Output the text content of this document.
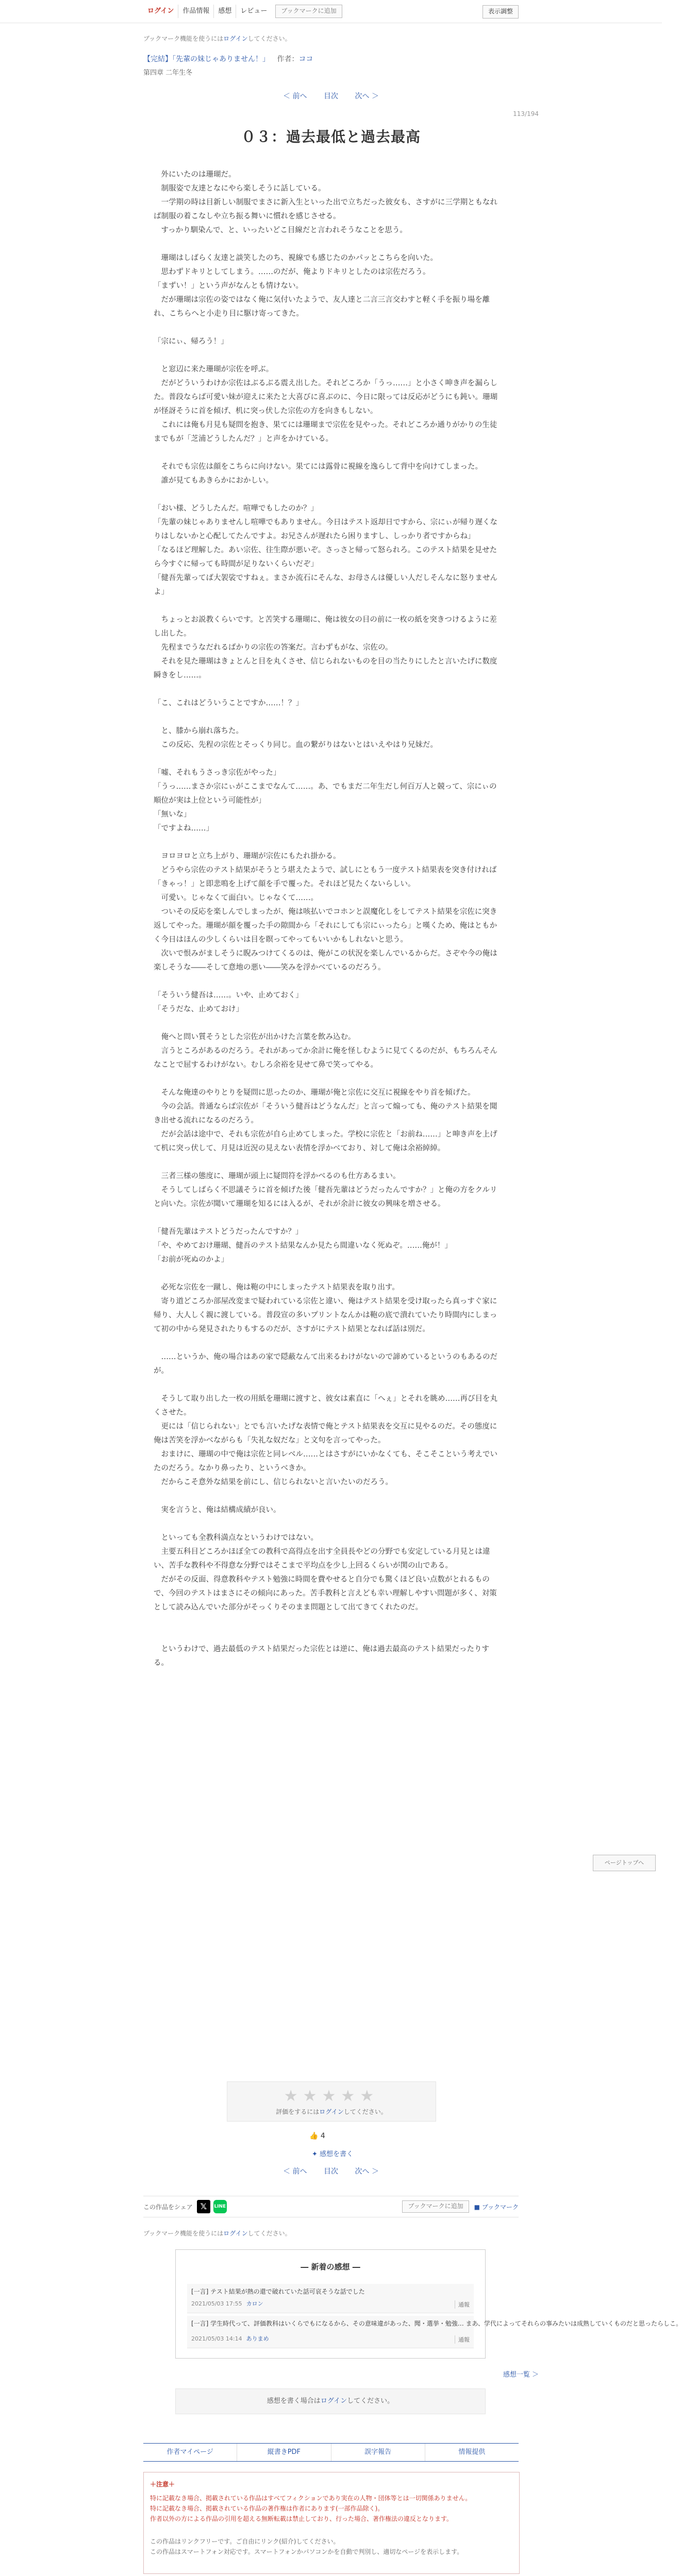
ログイン	作品情報	感想	レビュー	ブックマークに追加	表示調整
ブックマーク機能を使うにはログインしてください。
【完結】「先輩の妹じゃありません！」 作者：ココ
第四章 二年生冬
＜ 前へ 目次 次へ ＞
113/194
０３：過去最低と過去最高

　外にいたのは珊瑚だ。

　制服姿で友達となにやら楽しそうに話している。

　一学期の時は目新しい制服でまさに新入生といった出で立ちだった彼女も、さすがに三学期ともなれば制服の着こなしや立ち振る舞いに慣れを感じさせる。

　すっかり馴染んで、と、いったいどこ目線だと言われそうなことを思う。

　珊瑚はしばらく友達と談笑したのち、視線でも感じたのかパッとこちらを向いた。

　思わずドキリとしてしまう。……のだが、俺よりドキリとしたのは宗佐だろう。

「まずい！」という声がなんとも情けない。

　だが珊瑚は宗佐の姿ではなく俺に気付いたようで、友人達と二言三言交わすと軽く手を振り場を離れ、こちらへと小走り目に駆け寄ってきた。

「宗にぃ、帰ろう！」

　と窓辺に来た珊瑚が宗佐を呼ぶ。

　だがどういうわけか宗佐はぶるぶる震え出した。それどころか「うっ……」と小さく呻き声を漏らした。普段ならば可愛い妹が迎えに来たと大喜びに喜ぶのに、今日に限っては反応がどうにも鈍い。珊瑚が怪訝そうに首を傾げ、机に突っ伏した宗佐の方を向きもしない。

　これには俺も月見も疑問を抱き、果てには珊瑚まで宗佐を見やった。それどころか通りがかりの生徒までもが「芝浦どうしたんだ？」と声をかけている。

　それでも宗佐は顔をこちらに向けない。果てには露骨に視線を逸らして背中を向けてしまった。

　誰が見てもあきらかにおかしい。

「おい様、どうしたんだ。喧嘩でもしたのか？」

「先輩の妹じゃありませんし喧嘩でもありません。今日はテスト返却日ですから、宗にぃが帰り遅くなりはしないかと心配してたんですよ。お兄さんが遅れたら困りますし、しっかり者ですからね」

「なるほど理解した。あい宗佐、往生際が悪いぞ。さっさと帰って怒られろ。このテスト結果を見せたら今すぐに帰っても時間が足りないくらいだぞ」

「健吾先輩ってば大袈裟ですねぇ。まさか流石にそんな、お母さんは優しい人だしそんなに怒りませんよ」

　ちょっとお説教くらいです。と苦笑する珊瑚に、俺は彼女の目の前に一枚の紙を突きつけるように差し出した。

　先程までうなだれるばかりの宗佐の答案だ。言わずもがな、宗佐の。

　それを見た珊瑚はきょとんと目を丸くさせ、信じられないものを目の当たりにしたと言いたげに数度瞬きをし……。

「こ、これはどういうことですか……！？」

　と、膝から崩れ落ちた。

　この反応、先程の宗佐とそっくり同じ。血の繋がりはないとはいえやはり兄妹だ。

「嘘、それもうさっき宗佐がやった」

「うっ……まさか宗にぃがここまでなんて……。あ、でもまだ二年生だし何百万人と競って、宗にぃの順位が実は上位という可能性が」

「無いな」

「ですよね……」

　ヨロヨロと立ち上がり、珊瑚が宗佐にもたれ掛かる。

　どうやら宗佐のテスト結果がそうとう堪えたようで、試しにともう一度テスト結果表を突き付ければ「きゃっ！」と即悲鳴を上げて顔を手で覆った。それほど見たくないらしい。

　可愛い。じゃなくて面白い。じゃなくて……。

　ついその反応を楽しんでしまったが、俺は咳払いでコホンと誤魔化しをしてテスト結果を宗佐に突き返してやった。珊瑚が顔を覆った手の隙間から「それにしても宗にぃったら」と嘆くため、俺はともかく今日はほんの少しくらいは目を瞑ってやってもいいかもしれないと思う。

　次いで恨みがましそうに睨みつけてくるのは、俺がこの状況を楽しんでいるからだ。さぞや今の俺は楽しそうな――そして意地の悪い――笑みを浮かべているのだろう。

「そういう健吾は……。いや、止めておく」

「そうだな、止めておけ」

　俺へと問い質そうとした宗佐が出かけた言葉を飲み込む。

　言うところがあるのだろう。それがあってか余計に俺を怪しむように見てくるのだが、もちろんそんなことで屈するわけがない。むしろ余裕を見せて鼻で笑ってやる。

　そんな俺達のやりとりを疑問に思ったのか、珊瑚が俺と宗佐に交互に視線をやり首を傾げた。

　今の会話。普通ならば宗佐が「そういう健吾はどうなんだ」と言って煽っても、俺のテスト結果を聞き出せる流れになるのだろう。

　だが会話は途中で、それも宗佐が自ら止めてしまった。学校に宗佐と「お前ね……」と呻き声を上げて机に突っ伏して、月見は近況の見えない表情を浮かべており、対して俺は余裕綽綽。

　三者三様の態度に、珊瑚が頭上に疑問符を浮かべるのも仕方あるまい。

　そうしてしばらく不思議そうに首を傾げた後「健吾先輩はどうだったんですか？」と俺の方をクルリと向いた。宗佐が聞いて珊瑚を知るには入るが、それが余計に彼女の興味を増させる。

「健吾先輩はテストどうだったんですか？」

「や、やめておけ珊瑚、健吾のテスト結果なんか見たら間違いなく死ぬぞ。……俺が！」

「お前が死ぬのかよ」

　必死な宗佐を一蹴し、俺は鞄の中にしまったテスト結果表を取り出す。

　寄り道どころか部屋改変まで疑われている宗佐と違い、俺はテスト結果を受け取ったら真っすぐ家に帰り、大人しく親に渡している。普段宣の多いプリントなんかは鞄の底で潰れていたり時間内にしまって初の中から発見されたりもするのだが、さすがにテスト結果となれば話は別だ。

　……というか、俺の場合はあの家で隠蔽なんて出来るわけがないので諦めているというのもあるのだが。

　そうして取り出した一枚の用紙を珊瑚に渡すと、彼女は素直に「へぇ」とそれを眺め……再び目を丸くさせた。

　更には「信じられない」とでも言いたげな表情で俺とテスト結果表を交互に見やるのだ。その態度に俺は苦笑を浮かべながらも「失礼な奴だな」と文句を言ってやった。

　おまけに、珊瑚の中で俺は宗佐と同レベル……とはさすがにいかなくても、そこそこという考えでいたのだろう。なかり鼻ったり、というべきか。

　だからこそ意外な結果を前にし、信じられないと言いたいのだろう。

　実を言うと、俺は結構成績が良い。

　といっても全教科満点なというわけではない。

　主要五科目どころかほぼ全ての教科で高得点を出す全員長やどの分野でも安定している月見とは違い、苦手な教科や不得意な分野ではそこまで平均点を少し上回るくらいが関の山である。

　だがその反面、得意教科やテスト勉強に時間を費やせると自分でも驚くほど良い点数がとれるもので、今回のテストはまさにその傾向にあった。苦手教科と言えども幸い理解しやすい問題が多く、対策として読み込んでいた部分がそっくりそのまま問題として出てきてくれたのだ。

　というわけで、過去最低のテスト結果だった宗佐とは逆に、俺は過去最高のテスト結果だったりする。

ページトップへ
★★★★★
評価をするにはログインしてください。
👍 4
✦ 感想を書く
＜ 前へ 目次 次へ ＞
この作品をシェア 𝕏	LINE	ブックマークに追加	■ ブックマーク
ブックマーク機能を使うにはログインしてください。
― 新着の感想 ―
[一言] テスト結果が熱の還で破れていた話可哀そうな話でした
2021/05/03 17:55 カロン	通報
[一言] 学生時代って、評価教科はいくらでもになるから、その意味違があった、聞・選挙・勉強… まあ、学代によってそれらの事みたいは成熟していくものだと思ったらしこ。
2021/05/03 14:14 ありまめ	通報
感想一覧 ＞
感想を書く場合はログインしてください。
作者マイページ	縦書きPDF	誤字報告	情報提供
＋注意＋
特に記載なき場合、掲載されている作品はすべてフィクションであり実在の人物・団体等とは一切関係ありません。
特に記載なき場合、掲載されている作品の著作権は作者にあります(一部作品除く)。
作者以外の方による作品の引用を超える無断転載は禁止しており、行った場合、著作権法の違反となります。
この作品はリンクフリーです。ご自由にリンク(紹介)してください。
この作品はスマートフォン対応です。スマートフォンかパソコンかを自動で判別し、適切なページを表示します。
